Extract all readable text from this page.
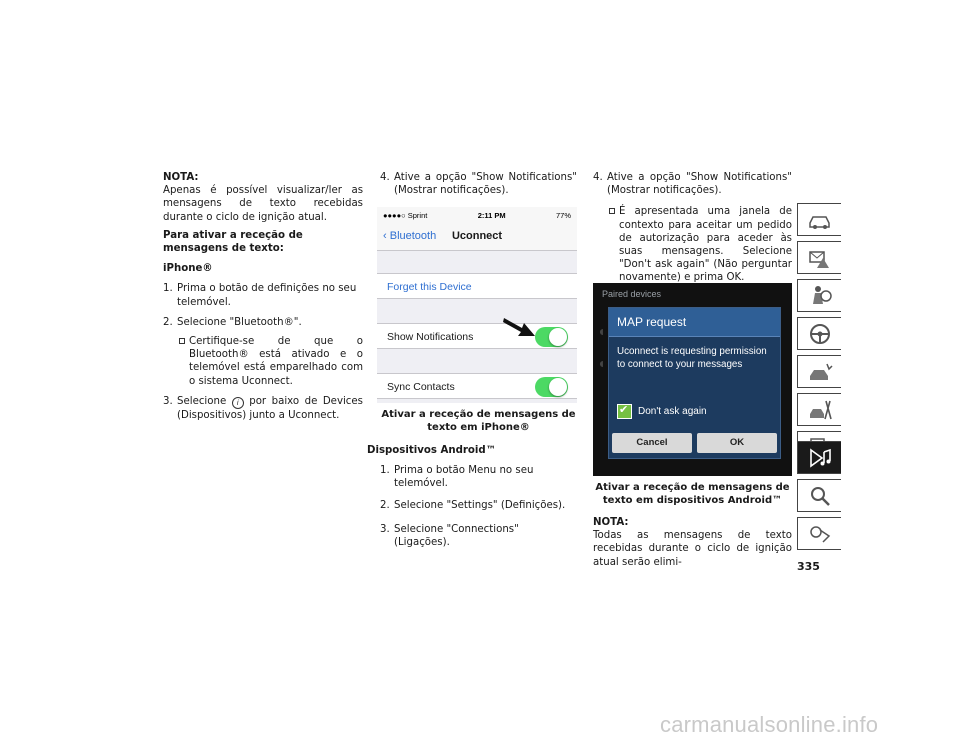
NOTA:

Apenas é possível visualizar/ler as mensagens de texto recebidas durante o ciclo de ignição atual.

Para ativar a receção de mensagens de texto:

iPhone®

1. Prima o botão de definições no seu telemóvel.
2. Selecione "Bluetooth®".
Certifique-se de que o Bluetooth® está ativado e o telemóvel está emparelhado com o sistema Uconnect.
3. Selecione i por baixo de Devices (Dispositivos) junto a Uconnect.
4. Ative a opção "Show Notifications" (Mostrar notificações).
●●●●○ Sprint	2:11 PM	77%
‹ Bluetooth	Uconnect
Forget this Device
Show Notifications
Sync Contacts

Ativar a receção de mensagens de texto em iPhone®

Dispositivos Android™

1. Prima o botão Menu no seu telemóvel.
2. Selecione "Settings" (Definições).
3. Selecione "Connections" (Ligações).
4. Ative a opção "Show Notifications" (Mostrar notificações).
É apresentada uma janela de contexto para aceitar um pedido de autorização para aceder às suas mensagens. Selecione "Don't ask again" (Não perguntar novamente) e prima OK.
Paired devices
◖
◖
MAP request
Uconnect is requesting permission to connect to your messages
✔
Don't ask again
Cancel	OK

Ativar a receção de mensagens de texto em dispositivos Android™

NOTA:

Todas as mensagens de texto recebidas durante o ciclo de ignição atual serão elimi-	335
carmanualsonline.info
